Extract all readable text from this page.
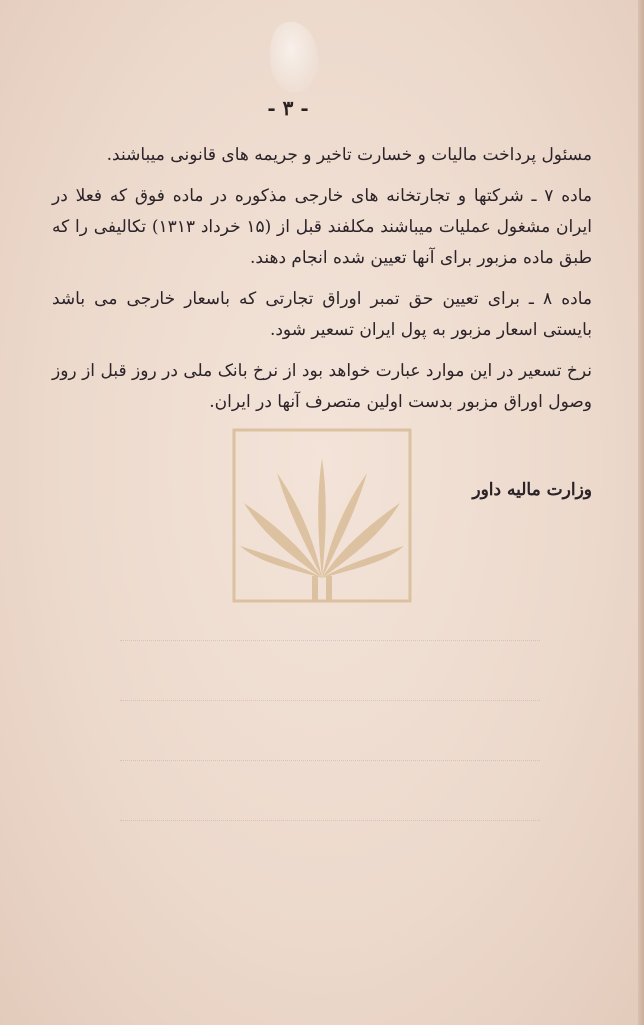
- ۳ -

مسئول پرداخت مالیات و خسارت تاخیر و جریمه های قانونی میباشند.

ماده ۷ ـ شرکتها و تجارتخانه های خارجی مذکوره در ماده فوق که فعلا در ایران مشغول عملیات میباشند مکلفند قبل از (۱۵ خرداد ۱۳۱۳) تکالیفی را که طبق ماده مزبور برای آنها تعیین شده انجام دهند.

ماده ۸ ـ برای تعیین حق تمبر اوراق تجارتی که باسعار خارجی می باشد بایستی اسعار مزبور به پول ایران تسعیر شود.

نرخ تسعیر در این موارد عبارت خواهد بود از نرخ بانک ملی در روز قبل از روز وصول اوراق مزبور بدست اولین متصرف آنها در ایران.

وزارت مالیه داور
